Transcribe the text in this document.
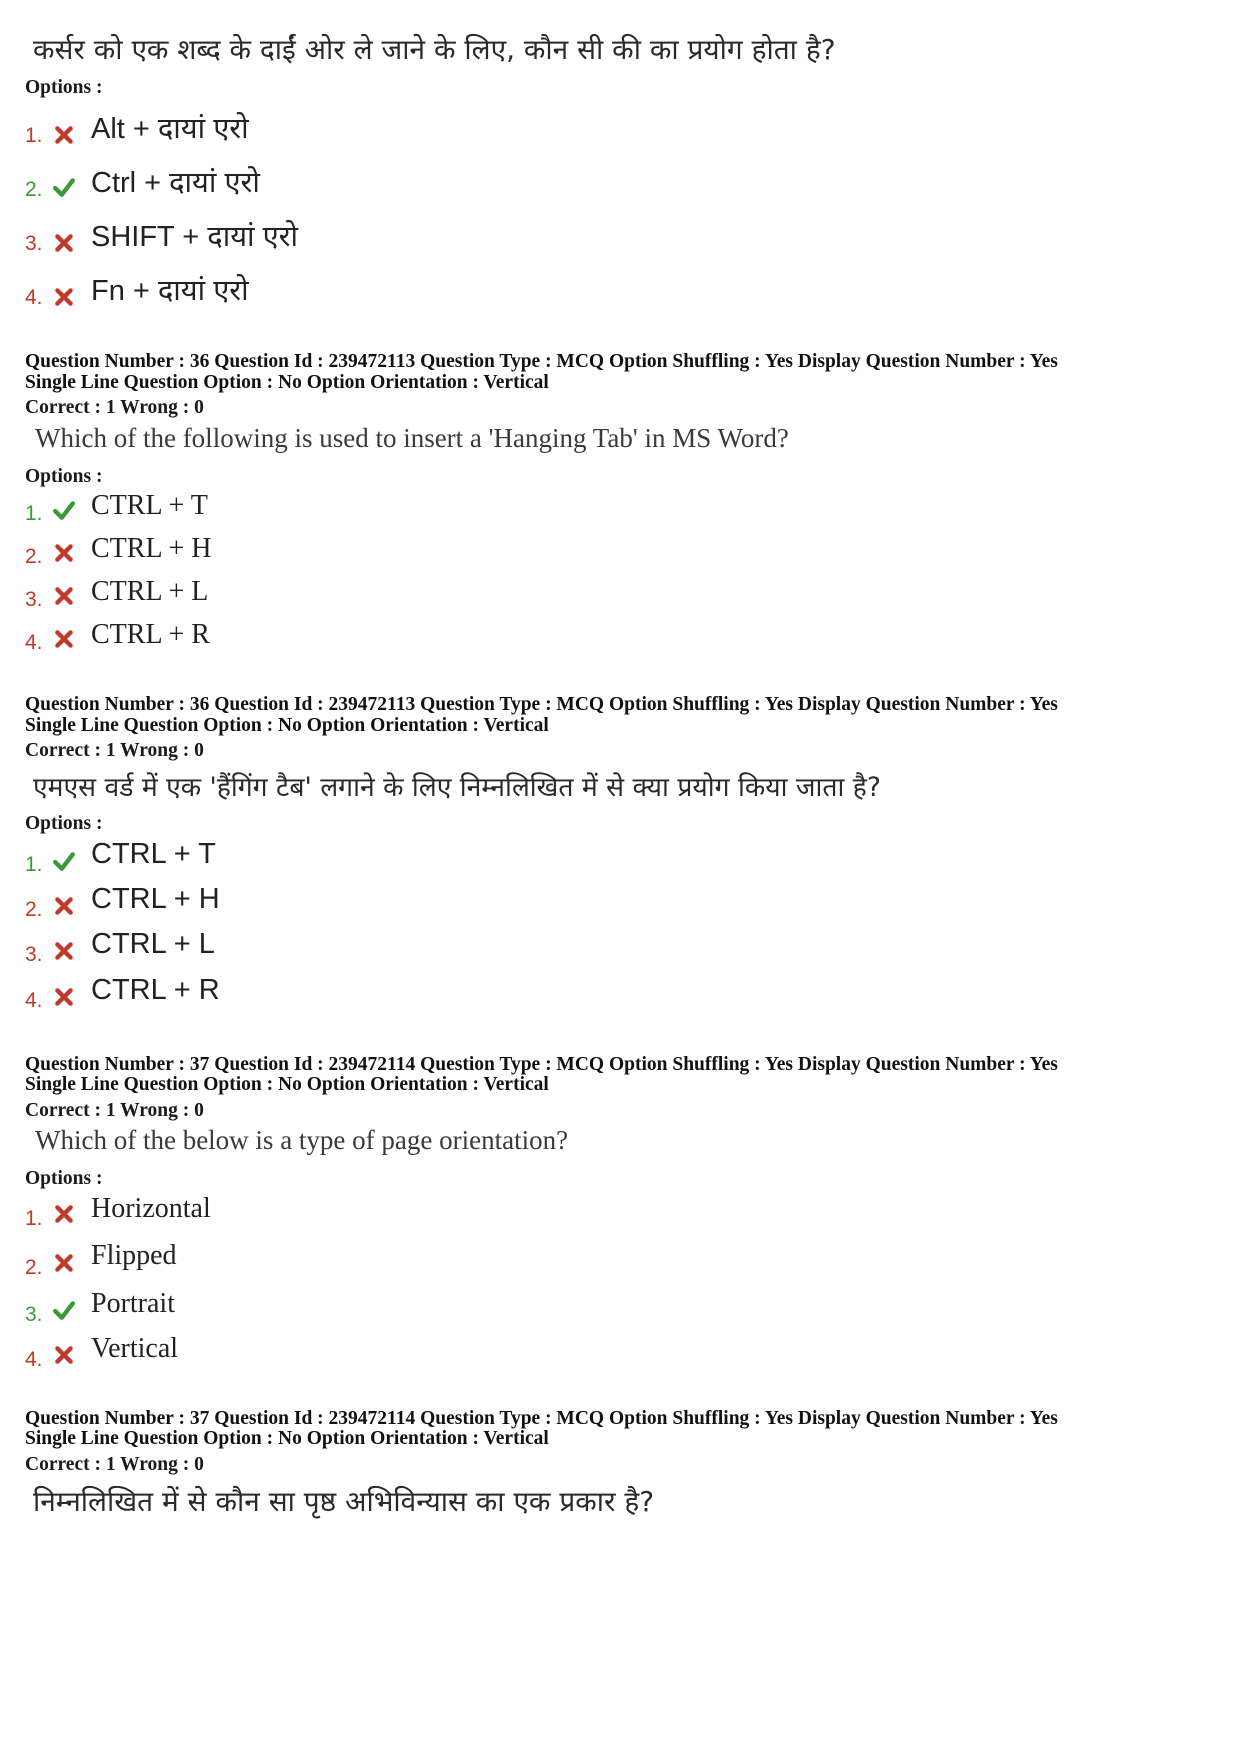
कर्सर को एक शब्द के दाईं ओर ले जाने के लिए, कौन सी की का प्रयोग होता है?
Options :
1. Alt + दायां एरो
2. Ctrl + दायां एरो
3. SHIFT + दायां एरो
4. Fn + दायां एरो
Question Number : 36 Question Id : 239472113 Question Type : MCQ Option Shuffling : Yes Display Question Number : Yes
Single Line Question Option : No Option Orientation : Vertical
Correct : 1 Wrong : 0
Which of the following is used to insert a 'Hanging Tab' in MS Word?
Options :
1. CTRL + T
2. CTRL + H
3. CTRL + L
4. CTRL + R
Question Number : 36 Question Id : 239472113 Question Type : MCQ Option Shuffling : Yes Display Question Number : Yes
Single Line Question Option : No Option Orientation : Vertical
Correct : 1 Wrong : 0
एमएस वर्ड में एक 'हैंगिंग टैब' लगाने के लिए निम्नलिखित में से क्या प्रयोग किया जाता है?
Options :
1. CTRL + T
2. CTRL + H
3. CTRL + L
4. CTRL + R
Question Number : 37 Question Id : 239472114 Question Type : MCQ Option Shuffling : Yes Display Question Number : Yes
Single Line Question Option : No Option Orientation : Vertical
Correct : 1 Wrong : 0
Which of the below is a type of page orientation?
Options :
1. Horizontal
2. Flipped
3. Portrait
4. Vertical
Question Number : 37 Question Id : 239472114 Question Type : MCQ Option Shuffling : Yes Display Question Number : Yes
Single Line Question Option : No Option Orientation : Vertical
Correct : 1 Wrong : 0
निम्नलिखित में से कौन सा पृष्ठ अभिविन्यास का एक प्रकार है?
